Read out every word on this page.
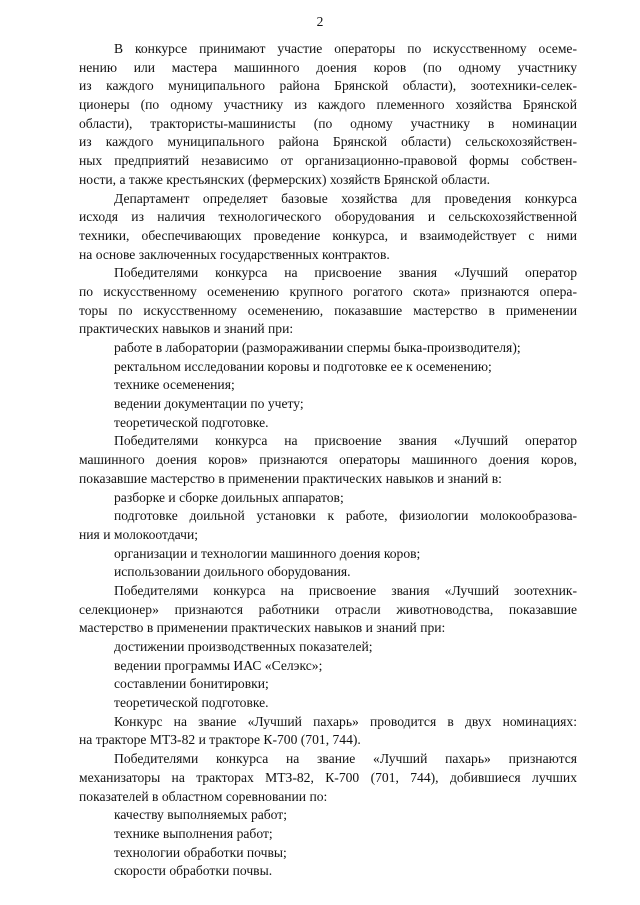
2
В конкурсе принимают участие операторы по искусственному осеме-
нению или мастера машинного доения коров (по одному участнику
из каждого муниципального района Брянской области), зоотехники-селек-
ционеры (по одному участнику из каждого племенного хозяйства Брянской
области), трактористы-машинисты (по одному участнику в номинации
из каждого муниципального района Брянской области) сельскохозяйствен-
ных предприятий независимо от организационно-правовой формы собствен-
ности, а также крестьянских (фермерских) хозяйств Брянской области.
Департамент определяет базовые хозяйства для проведения конкурса
исходя из наличия технологического оборудования и сельскохозяйственной
техники, обеспечивающих проведение конкурса, и взаимодействует с ними
на основе заключенных государственных контрактов.
Победителями конкурса на присвоение звания «Лучший оператор
по искусственному осеменению крупного рогатого скота» признаются опера-
торы по искусственному осеменению, показавшие мастерство в применении
практических навыков и знаний при:
работе в лаборатории (размораживании спермы быка-производителя);
ректальном исследовании коровы и подготовке ее к осеменению;
технике осеменения;
ведении документации по учету;
теоретической подготовке.
Победителями конкурса на присвоение звания «Лучший оператор
машинного доения коров» признаются операторы машинного доения коров,
показавшие мастерство в применении практических навыков и знаний в:
разборке и сборке доильных аппаратов;
подготовке доильной установки к работе, физиологии молокообразова-
ния и молокоотдачи;
организации и технологии машинного доения коров;
использовании доильного оборудования.
Победителями конкурса на присвоение звания «Лучший зоотехник-
селекционер» признаются работники отрасли животноводства, показавшие
мастерство в применении практических навыков и знаний при:
достижении производственных показателей;
ведении программы ИАС «Селэкс»;
составлении бонитировки;
теоретической подготовке.
Конкурс на звание «Лучший пахарь» проводится в двух номинациях:
на тракторе МТЗ-82 и тракторе К-700 (701, 744).
Победителями конкурса на звание «Лучший пахарь» признаются
механизаторы на тракторах МТЗ-82, К-700 (701, 744), добившиеся лучших
показателей в областном соревновании по:
качеству выполняемых работ;
технике выполнения работ;
технологии обработки почвы;
скорости обработки почвы.
